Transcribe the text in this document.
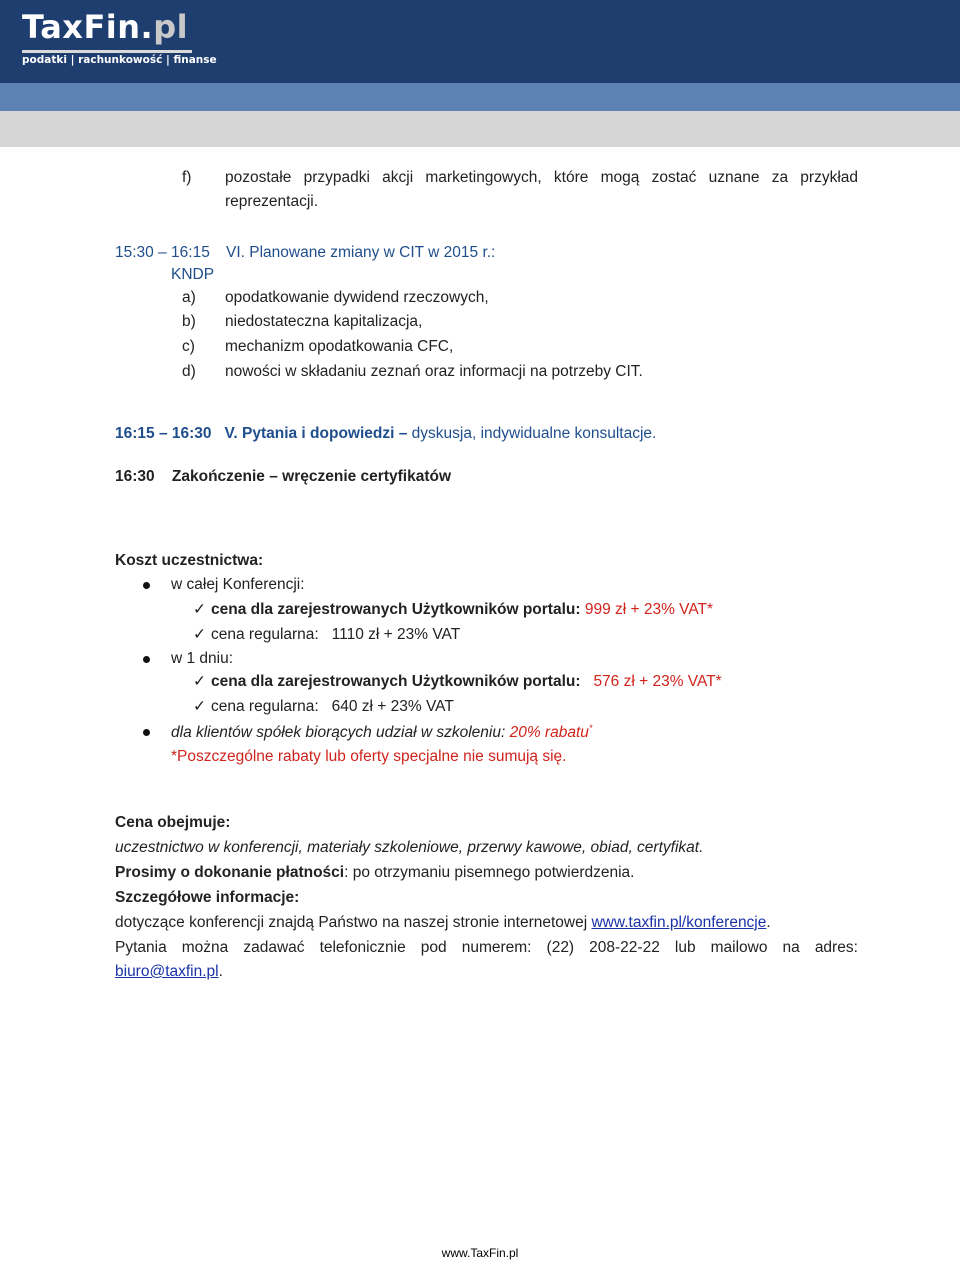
TaxFin.pl
podatki | rachunkowość | finanse
f) pozostałe przypadki akcji marketingowych, które mogą zostać uznane za przykład
reprezentacji.
15:30 – 16:15 VI. Planowane zmiany w CIT w 2015 r.:
KNDP
a) opodatkowanie dywidend rzeczowych,
b) niedostateczna kapitalizacja,
c) mechanizm opodatkowania CFC,
d) nowości w składaniu zeznań oraz informacji na potrzeby CIT.
16:15 – 16:30 V. Pytania i dopowiedzi – dyskusja, indywidualne konsultacje.
16:30 Zakończenie – wręczenie certyfikatów
Koszt uczestnictwa:
w całej Konferencji:
✓ cena dla zarejestrowanych Użytkowników portalu: 999 zł + 23% VAT*
✓ cena regularna: 1110 zł + 23% VAT
w 1 dniu:
✓ cena dla zarejestrowanych Użytkowników portalu: 576 zł + 23% VAT*
✓ cena regularna: 640 zł + 23% VAT
dla klientów spółek biorących udział w szkoleniu: 20% rabatu*
*Poszczególne rabaty lub oferty specjalne nie sumują się.
Cena obejmuje:
uczestnictwo w konferencji, materiały szkoleniowe, przerwy kawowe, obiad, certyfikat.
Prosimy o dokonanie płatności: po otrzymaniu pisemnego potwierdzenia.
Szczegółowe informacje:
dotyczące konferencji znajdą Państwo na naszej stronie internetowej www.taxfin.pl/konferencje.
Pytania można zadawać telefonicznie pod numerem: (22) 208-22-22 lub mailowo na adres:
biuro@taxfin.pl.
www.TaxFin.pl
